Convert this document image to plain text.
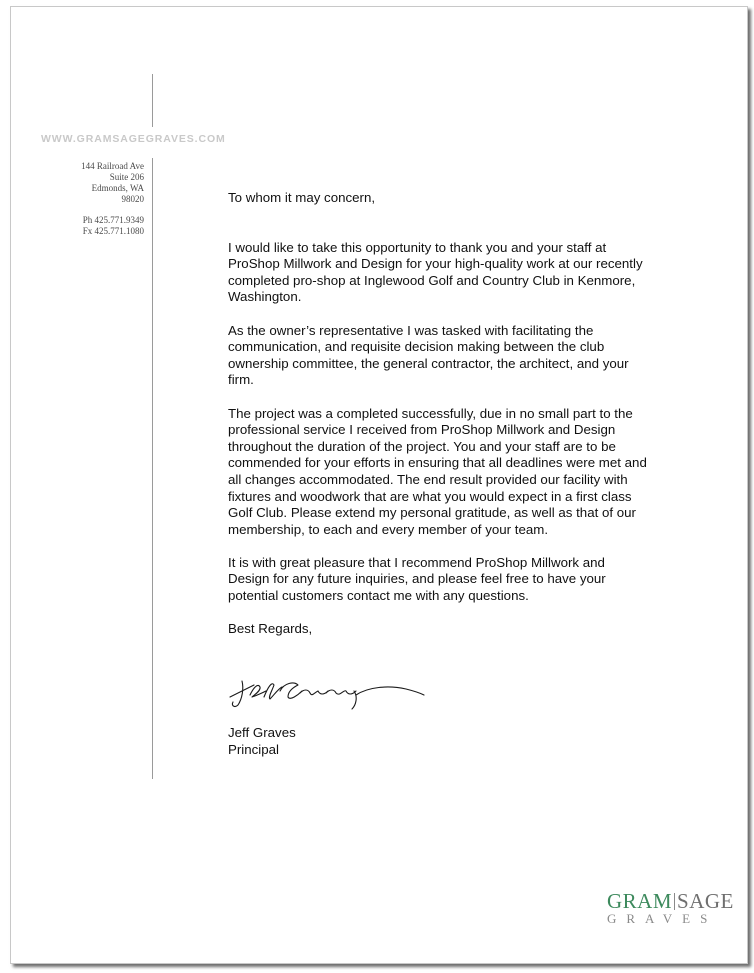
WWW.GRAMSAGEGRAVES.COM
144 Railroad Ave
Suite 206
Edmonds, WA
98020
Ph 425.771.9349
Fx 425.771.1080

To whom it may concern,

I would like to take this opportunity to thank you and your staff at ProShop Millwork and Design for your high-quality work at our recently completed pro-shop at Inglewood Golf and Country Club in Kenmore, Washington.

As the owner’s representative I was tasked with facilitating the communication, and requisite decision making between the club ownership committee, the general contractor, the architect, and your firm.

The project was a completed successfully, due in no small part to the professional service I received from ProShop Millwork and Design throughout the duration of the project. You and your staff are to be commended for your efforts in ensuring that all deadlines were met and all changes accommodated. The end result provided our facility with fixtures and woodwork that are what you would expect in a first class Golf Club. Please extend my personal gratitude, as well as that of our membership, to each and every member of your team.

It is with great pleasure that I recommend ProShop Millwork and Design for any future inquiries, and please feel free to have your potential customers contact me with any questions.

Best Regards,

Jeff Graves
Principal
GRAM SAGE
GRAVES
